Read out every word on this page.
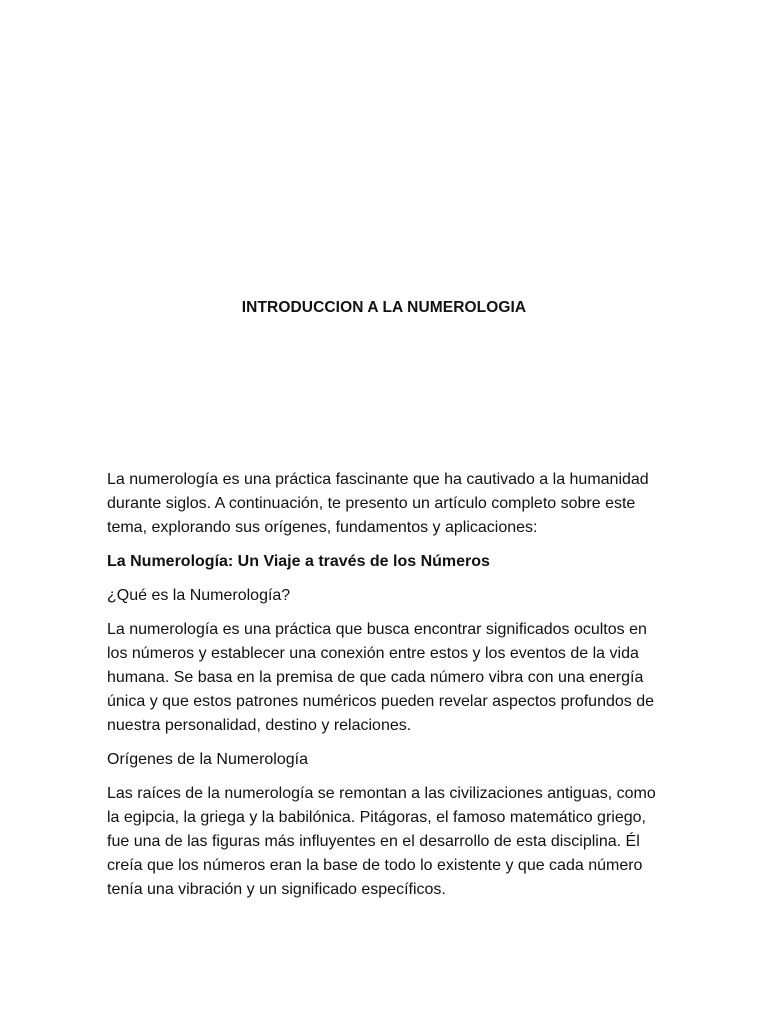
INTRODUCCION A LA NUMEROLOGIA

La numerología es una práctica fascinante que ha cautivado a la humanidad durante siglos. A continuación, te presento un artículo completo sobre este tema, explorando sus orígenes, fundamentos y aplicaciones:

La Numerología: Un Viaje a través de los Números

¿Qué es la Numerología?

La numerología es una práctica que busca encontrar significados ocultos en los números y establecer una conexión entre estos y los eventos de la vida humana. Se basa en la premisa de que cada número vibra con una energía única y que estos patrones numéricos pueden revelar aspectos profundos de nuestra personalidad, destino y relaciones.

Orígenes de la Numerología

Las raíces de la numerología se remontan a las civilizaciones antiguas, como la egipcia, la griega y la babilónica. Pitágoras, el famoso matemático griego, fue una de las figuras más influyentes en el desarrollo de esta disciplina. Él creía que los números eran la base de todo lo existente y que cada número tenía una vibración y un significado específicos.
